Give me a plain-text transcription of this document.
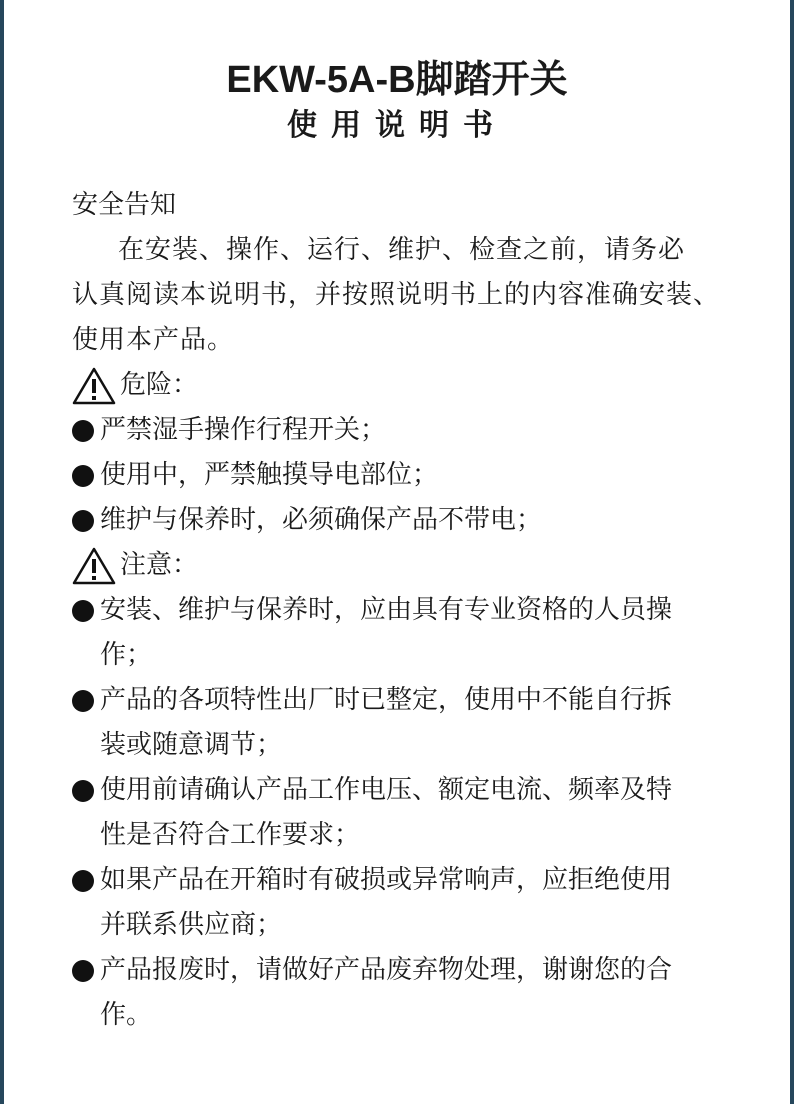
EKW-5A-B脚踏开关
使用说明书
安全告知
在安装、操作、运行、维护、检查之前，请务必
认真阅读本说明书，并按照说明书上的内容准确安装、
使用本产品。
危险：
严禁湿手操作行程开关；
使用中，严禁触摸导电部位；
维护与保养时，必须确保产品不带电；
注意：
安装、维护与保养时，应由具有专业资格的人员操
作；
产品的各项特性出厂时已整定，使用中不能自行拆
装或随意调节；
使用前请确认产品工作电压、额定电流、频率及特
性是否符合工作要求；
如果产品在开箱时有破损或异常响声，应拒绝使用
并联系供应商；
产品报废时，请做好产品废弃物处理，谢谢您的合
作。
